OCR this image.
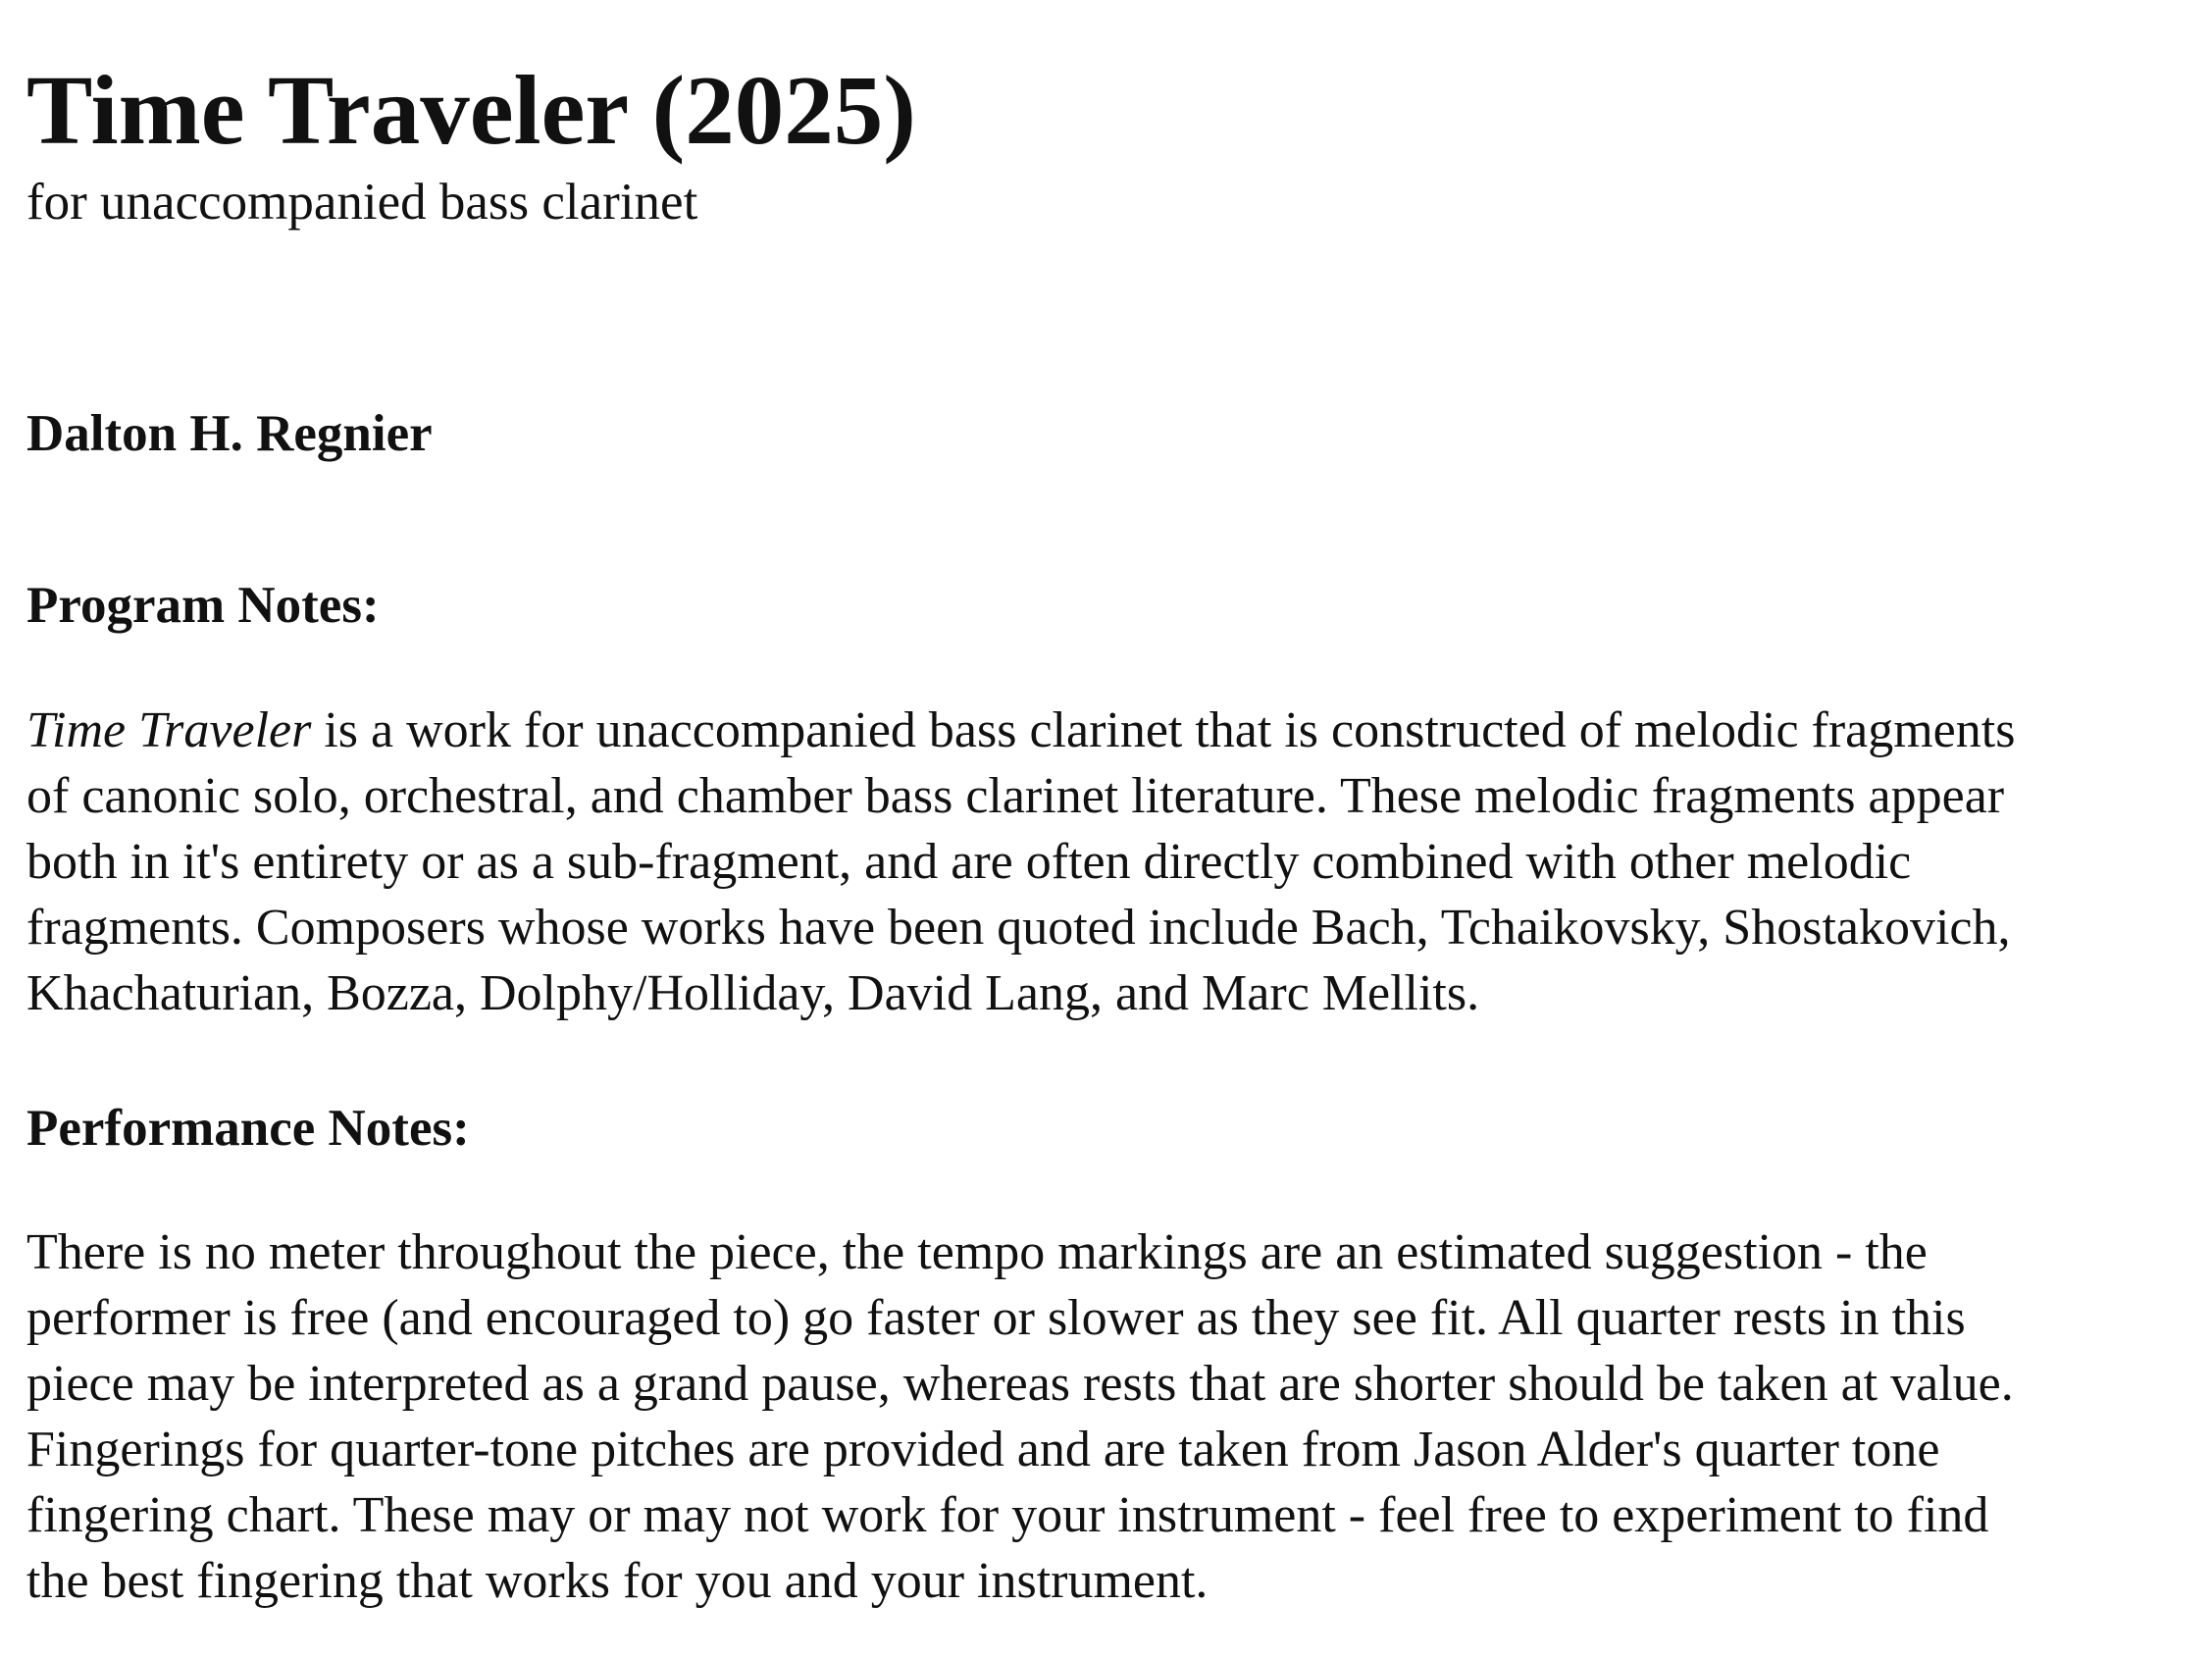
Time Traveler (2025)

for unaccompanied bass clarinet

Dalton H. Regnier

Program Notes:

Time Traveler is a work for unaccompanied bass clarinet that is constructed of melodic fragments
of canonic solo, orchestral, and chamber bass clarinet literature. These melodic fragments appear
both in it's entirety or as a sub-fragment, and are often directly combined with other melodic
fragments. Composers whose works have been quoted include Bach, Tchaikovsky, Shostakovich,
Khachaturian, Bozza, Dolphy/Holliday, David Lang, and Marc Mellits.

Performance Notes:

There is no meter throughout the piece, the tempo markings are an estimated suggestion - the
performer is free (and encouraged to) go faster or slower as they see fit. All quarter rests in this
piece may be interpreted as a grand pause, whereas rests that are shorter should be taken at value.
Fingerings for quarter-tone pitches are provided and are taken from Jason Alder's quarter tone
fingering chart. These may or may not work for your instrument - feel free to experiment to find
the best fingering that works for you and your instrument.
